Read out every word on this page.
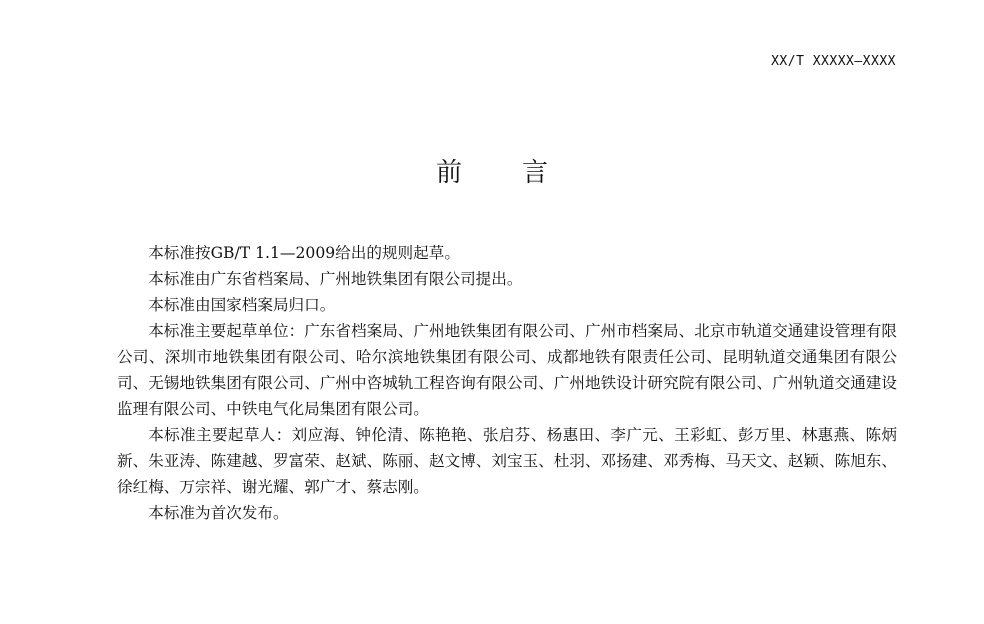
XX/T XXXXX—XXXX
前 言

本标准按GB/T 1.1—2009给出的规则起草。

本标准由广东省档案局、广州地铁集团有限公司提出。

本标准由国家档案局归口。

本标准主要起草单位：广东省档案局、广州地铁集团有限公司、广州市档案局、北京市轨道交通建设管理有限公司、深圳市地铁集团有限公司、哈尔滨地铁集团有限公司、成都地铁有限责任公司、昆明轨道交通集团有限公司、无锡地铁集团有限公司、广州中咨城轨工程咨询有限公司、广州地铁设计研究院有限公司、广州轨道交通建设监理有限公司、中铁电气化局集团有限公司。

本标准主要起草人：刘应海、钟伦清、陈艳艳、张启芬、杨惠田、李广元、王彩虹、彭万里、林惠燕、陈炳新、朱亚涛、陈建越、罗富荣、赵斌、陈丽、赵文博、刘宝玉、杜羽、邓扬建、邓秀梅、马天文、赵颖、陈旭东、徐红梅、万宗祥、谢光耀、郭广才、蔡志刚。

本标准为首次发布。
